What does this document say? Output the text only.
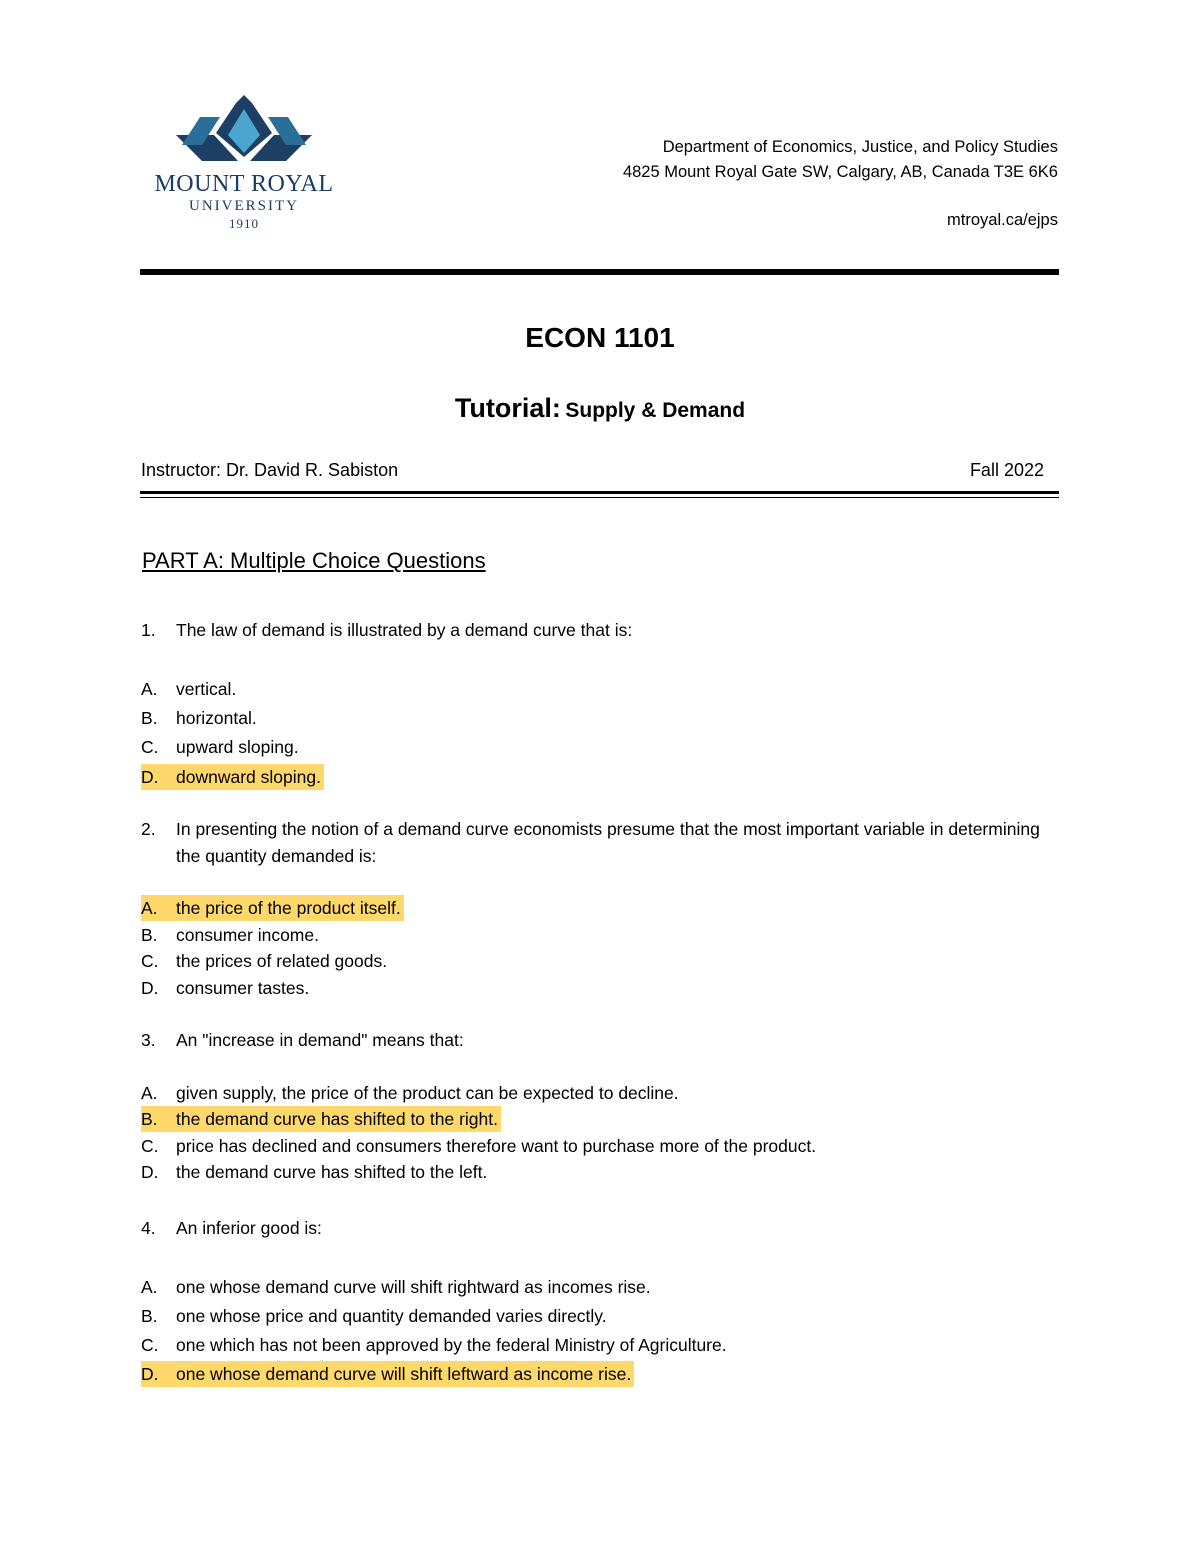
MOUNT ROYAL
UNIVERSITY
1910
Department of Economics, Justice, and Policy Studies
4825 Mount Royal Gate SW, Calgary, AB, Canada T3E 6K6
mtroyal.ca/ejps
ECON 1101
Tutorial: Supply & Demand
Instructor: Dr. David R. Sabiston	Fall 2022
PART A: Multiple Choice Questions
1. The law of demand is illustrated by a demand curve that is:
A. vertical.
B. horizontal.
C. upward sloping.
D. downward sloping.
2. In presenting the notion of a demand curve economists presume that the most important variable in determining the quantity demanded is:
A. the price of the product itself.
B. consumer income.
C. the prices of related goods.
D. consumer tastes.
3. An "increase in demand" means that:
A. given supply, the price of the product can be expected to decline.
B. the demand curve has shifted to the right.
C. price has declined and consumers therefore want to purchase more of the product.
D. the demand curve has shifted to the left.
4. An inferior good is:
A. one whose demand curve will shift rightward as incomes rise.
B. one whose price and quantity demanded varies directly.
C. one which has not been approved by the federal Ministry of Agriculture.
D. one whose demand curve will shift leftward as income rise.
